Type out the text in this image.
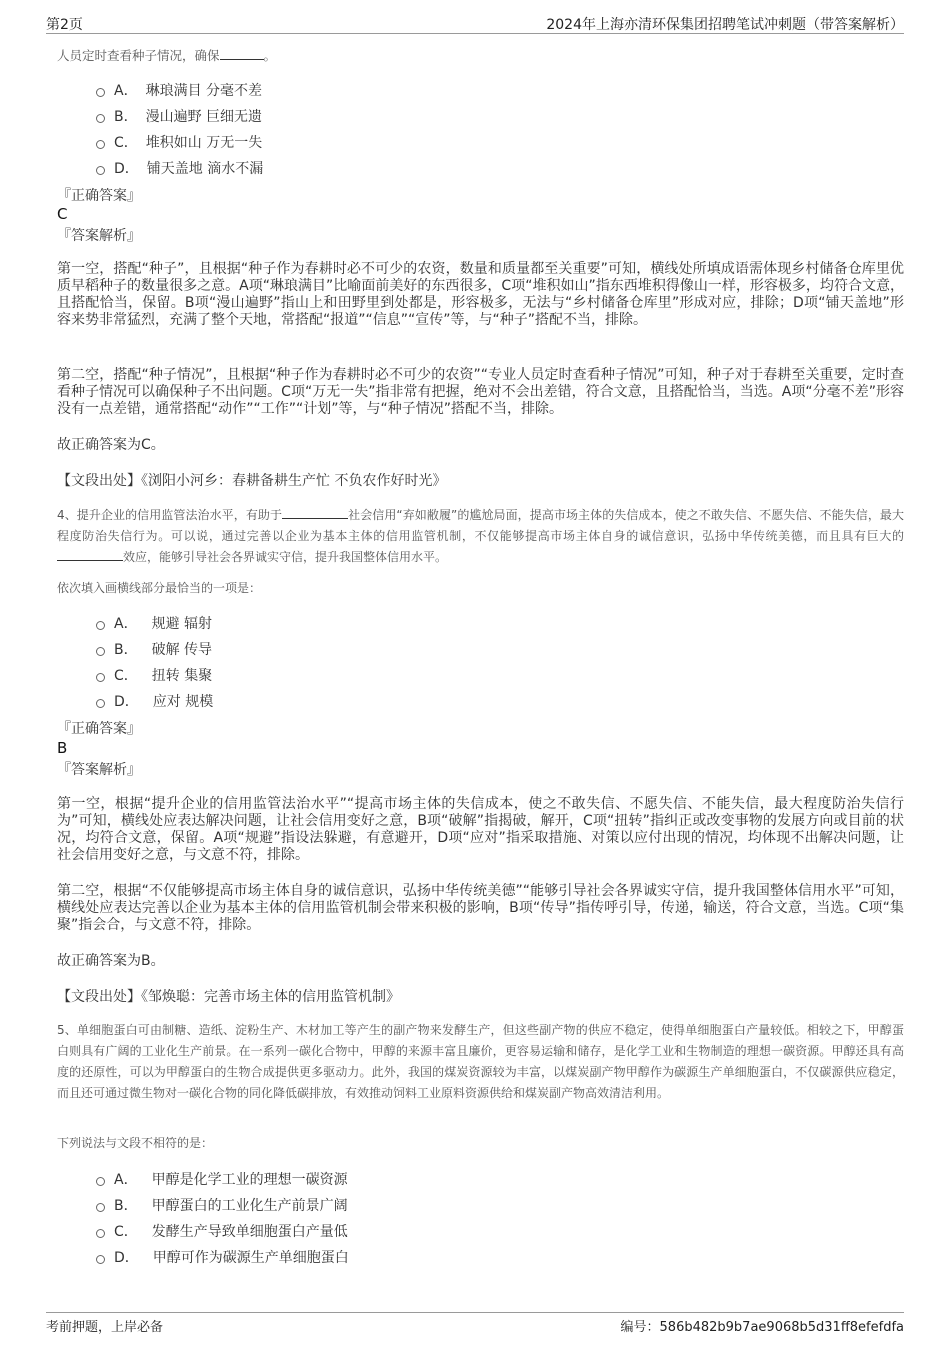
第2页	2024年上海亦清环保集团招聘笔试冲刺题（带答案解析）
人员定时查看种子情况，确保	。
A． 琳琅满目 分毫不差
B． 漫山遍野 巨细无遗
C． 堆积如山 万无一失
D． 铺天盖地 滴水不漏
『正确答案』
C
『答案解析』
第一空，搭配“种子”，且根据“种子作为春耕时必不可少的农资，数量和质量都至关重要”可知，横线处所填成语需体现乡村储备仓库里优质早稻种子的数量很多之意。A项“琳琅满目”比喻面前美好的东西很多，C项“堆积如山”指东西堆积得像山一样，形容极多，均符合文意，且搭配恰当，保留。B项“漫山遍野”指山上和田野里到处都是，形容极多，无法与“乡村储备仓库里”形成对应，排除；D项“铺天盖地”形容来势非常猛烈，充满了整个天地，常搭配“报道”“信息”“宣传”等，与“种子”搭配不当，排除。
第二空，搭配“种子情况”，且根据“种子作为春耕时必不可少的农资”“专业人员定时查看种子情况”可知，种子对于春耕至关重要，定时查看种子情况可以确保种子不出问题。C项“万无一失”指非常有把握，绝对不会出差错，符合文意，且搭配恰当，当选。A项“分毫不差”形容没有一点差错，通常搭配“动作”“工作”“计划”等，与“种子情况”搭配不当，排除。
故正确答案为C。
【文段出处】《浏阳小河乡：春耕备耕生产忙 不负农作好时光》
4、提升企业的信用监管法治水平，有助于	社会信用“弃如敝履”的尴尬局面，提高市场主体的失信成本，使之不敢失信、不愿失信、不能失信，最大程度防治失信行为。可以说，通过完善以企业为基本主体的信用监管机制，不仅能够提高市场主体自身的诚信意识，弘扬中华传统美德，而且具有巨大的效应，能够引导社会各界诚实守信，提升我国整体信用水平。
依次填入画横线部分最恰当的一项是：
A． 规避 辐射
B． 破解 传导
C． 扭转 集聚
D． 应对 规模
『正确答案』
B
『答案解析』
第一空，根据“提升企业的信用监管法治水平”“提高市场主体的失信成本，使之不敢失信、不愿失信、不能失信，最大程度防治失信行为”可知，横线处应表达解决问题，让社会信用变好之意，B项“破解”指揭破，解开，C项“扭转”指纠正或改变事物的发展方向或目前的状况，均符合文意，保留。A项“规避”指设法躲避，有意避开，D项“应对”指采取措施、对策以应付出现的情况，均体现不出解决问题，让社会信用变好之意，与文意不符，排除。
第二空，根据“不仅能够提高市场主体自身的诚信意识，弘扬中华传统美德”“能够引导社会各界诚实守信，提升我国整体信用水平”可知，横线处应表达完善以企业为基本主体的信用监管机制会带来积极的影响，B项“传导”指传呼引导，传递，输送，符合文意，当选。C项“集聚”指会合，与文意不符，排除。
故正确答案为B。
【文段出处】《邹焕聪：完善市场主体的信用监管机制》
5、单细胞蛋白可由制糖、造纸、淀粉生产、木材加工等产生的副产物来发酵生产，但这些副产物的供应不稳定，使得单细胞蛋白产量较低。相较之下，甲醇蛋白则具有广阔的工业化生产前景。在一系列一碳化合物中，甲醇的来源丰富且廉价，更容易运输和储存，是化学工业和生物制造的理想一碳资源。甲醇还具有高度的还原性，可以为甲醇蛋白的生物合成提供更多驱动力。此外，我国的煤炭资源较为丰富，以煤炭副产物甲醇作为碳源生产单细胞蛋白，不仅碳源供应稳定，而且还可通过微生物对一碳化合物的同化降低碳排放，有效推动饲料工业原料资源供给和煤炭副产物高效清洁利用。
下列说法与文段不相符的是：
A． 甲醇是化学工业的理想一碳资源
B． 甲醇蛋白的工业化生产前景广阔
C． 发酵生产导致单细胞蛋白产量低
D． 甲醇可作为碳源生产单细胞蛋白
考前押题，上岸必备	编号：586b482b9b7ae9068b5d31ff8efefdfa
